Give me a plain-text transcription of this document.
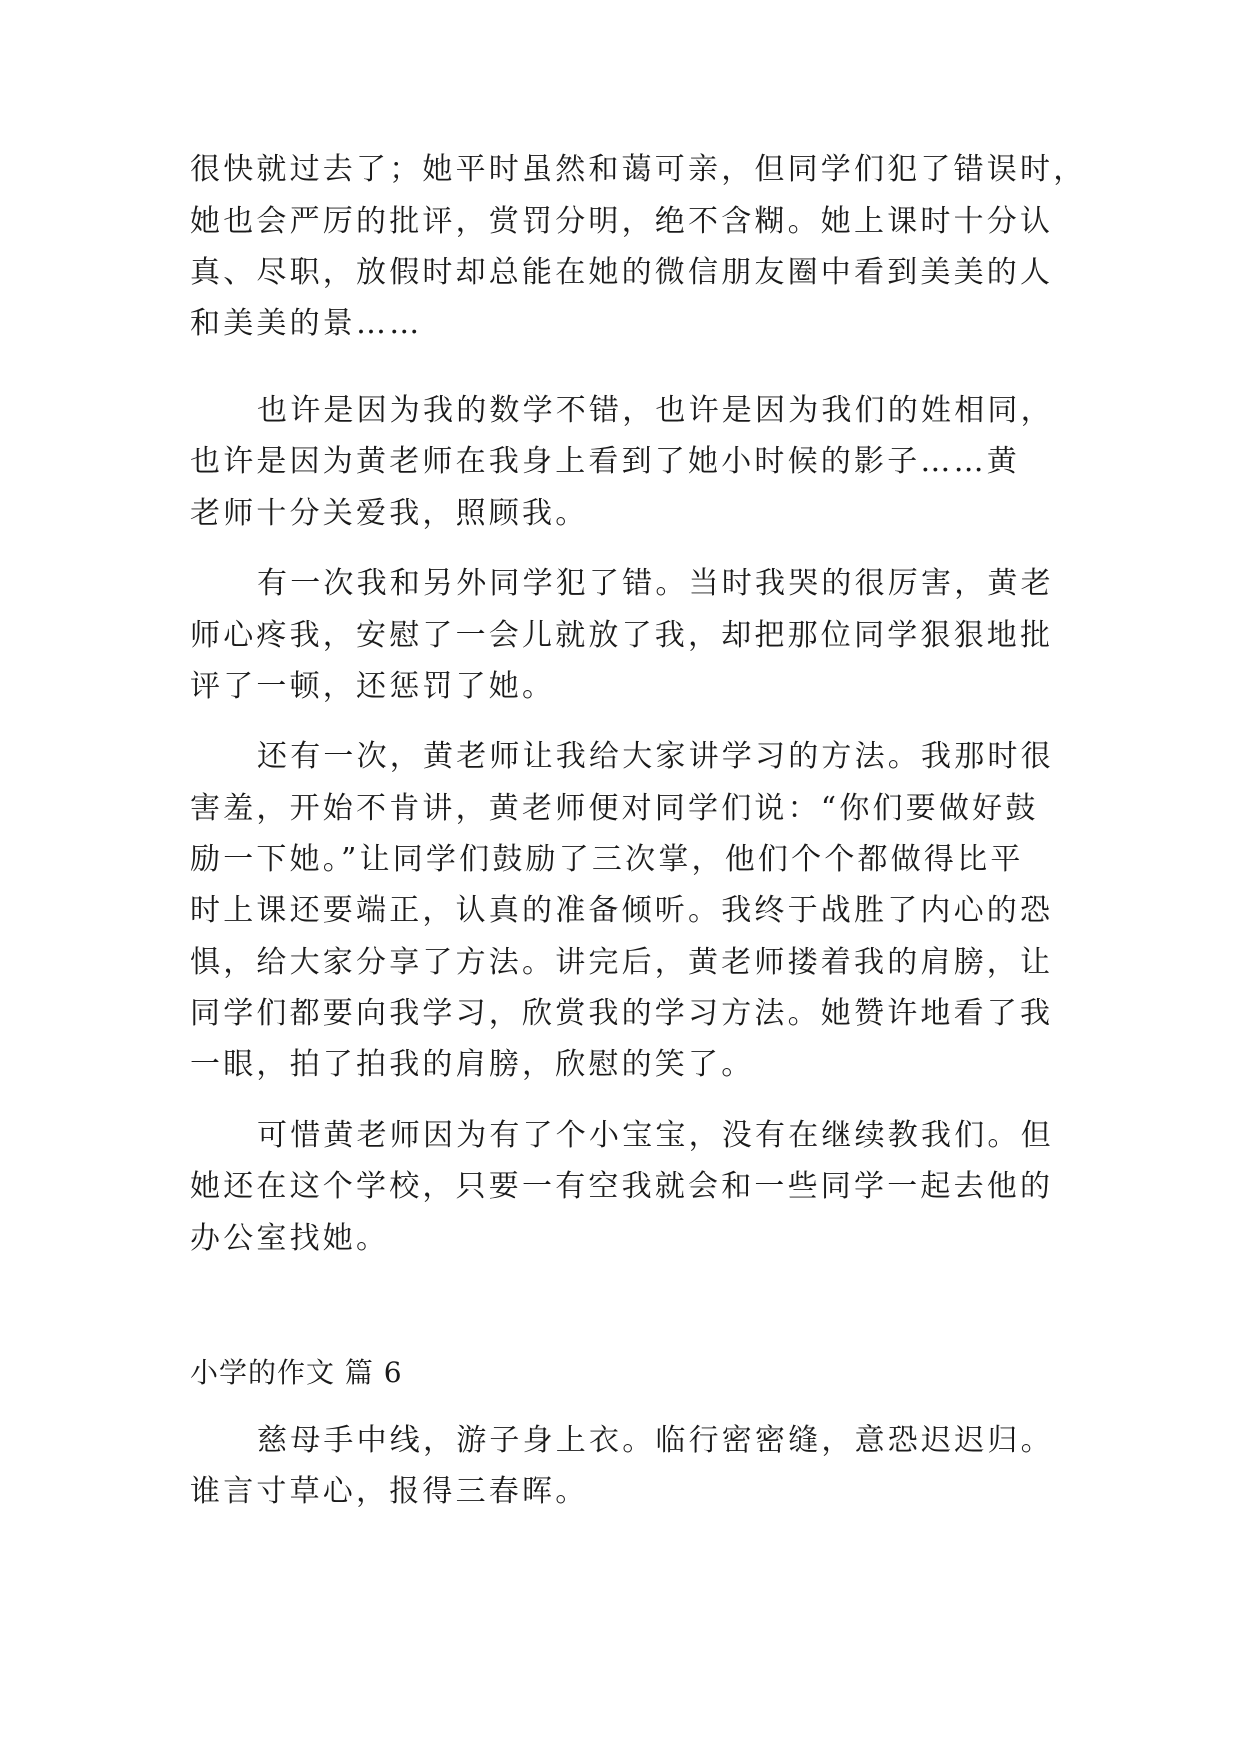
很快就过去了；她平时虽然和蔼可亲，但同学们犯了错误时，
她也会严厉的批评，赏罚分明，绝不含糊。她上课时十分认
真、尽职，放假时却总能在她的微信朋友圈中看到美美的人
和美美的景……
也许是因为我的数学不错，也许是因为我们的姓相同，
也许是因为黄老师在我身上看到了她小时候的影子……黄
老师十分关爱我，照顾我。
有一次我和另外同学犯了错。当时我哭的很厉害，黄老
师心疼我，安慰了一会儿就放了我，却把那位同学狠狠地批
评了一顿，还惩罚了她。
还有一次，黄老师让我给大家讲学习的方法。我那时很
害羞，开始不肯讲，黄老师便对同学们说：“你们要做好鼓
励一下她。”让同学们鼓励了三次掌，他们个个都做得比平
时上课还要端正，认真的准备倾听。我终于战胜了内心的恐
惧，给大家分享了方法。讲完后，黄老师搂着我的肩膀，让
同学们都要向我学习，欣赏我的学习方法。她赞许地看了我
一眼，拍了拍我的肩膀，欣慰的笑了。
可惜黄老师因为有了个小宝宝，没有在继续教我们。但
她还在这个学校，只要一有空我就会和一些同学一起去他的
办公室找她。
小学的作文 篇 6
慈母手中线，游子身上衣。临行密密缝，意恐迟迟归。
谁言寸草心，报得三春晖。
